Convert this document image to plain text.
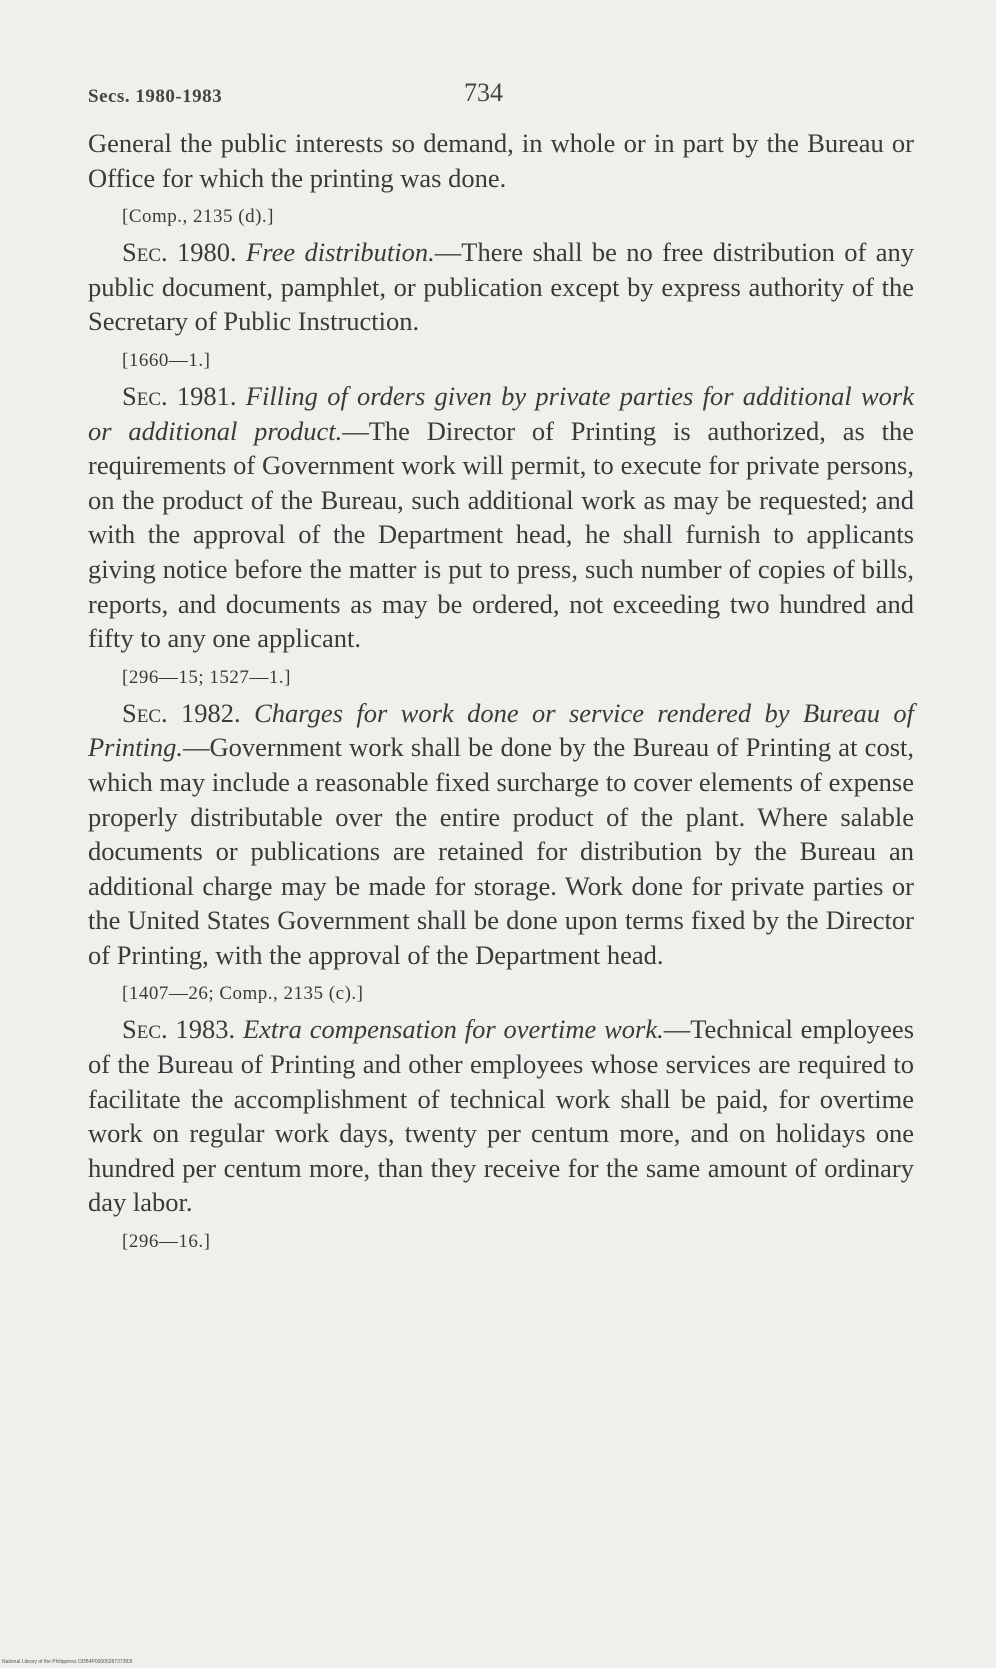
Secs. 1980-1983	734

General the public interests so demand, in whole or in part by the Bureau or Office for which the printing was done.

[Comp., 2135 (d).]

Sec. 1980. Free distribution.—There shall be no free distribution of any public document, pamphlet, or publication except by express authority of the Secretary of Public Instruction.

[1660—1.]

Sec. 1981. Filling of orders given by private parties for additional work or additional product.—The Director of Printing is authorized, as the requirements of Government work will permit, to execute for private persons, on the product of the Bureau, such additional work as may be requested; and with the approval of the Department head, he shall furnish to applicants giving notice before the matter is put to press, such number of copies of bills, reports, and documents as may be ordered, not exceeding two hundred and fifty to any one applicant.

[296—15; 1527—1.]

Sec. 1982. Charges for work done or service rendered by Bureau of Printing.—Government work shall be done by the Bureau of Printing at cost, which may include a reasonable fixed surcharge to cover elements of expense properly distributable over the entire product of the plant. Where salable documents or publications are retained for distribution by the Bureau an additional charge may be made for storage. Work done for private parties or the United States Government shall be done upon terms fixed by the Director of Printing, with the approval of the Department head.

[1407—26; Comp., 2135 (c).]

Sec. 1983. Extra compensation for overtime work.—Technical employees of the Bureau of Printing and other employees whose services are required to facilitate the accomplishment of technical work shall be paid, for overtime work on regular work days, twenty per centum more, and on holidays one hundred per centum more, than they receive for the same amount of ordinary day labor.

[296—16.]

National Library of the Philippines ODB4P0000528737383I
